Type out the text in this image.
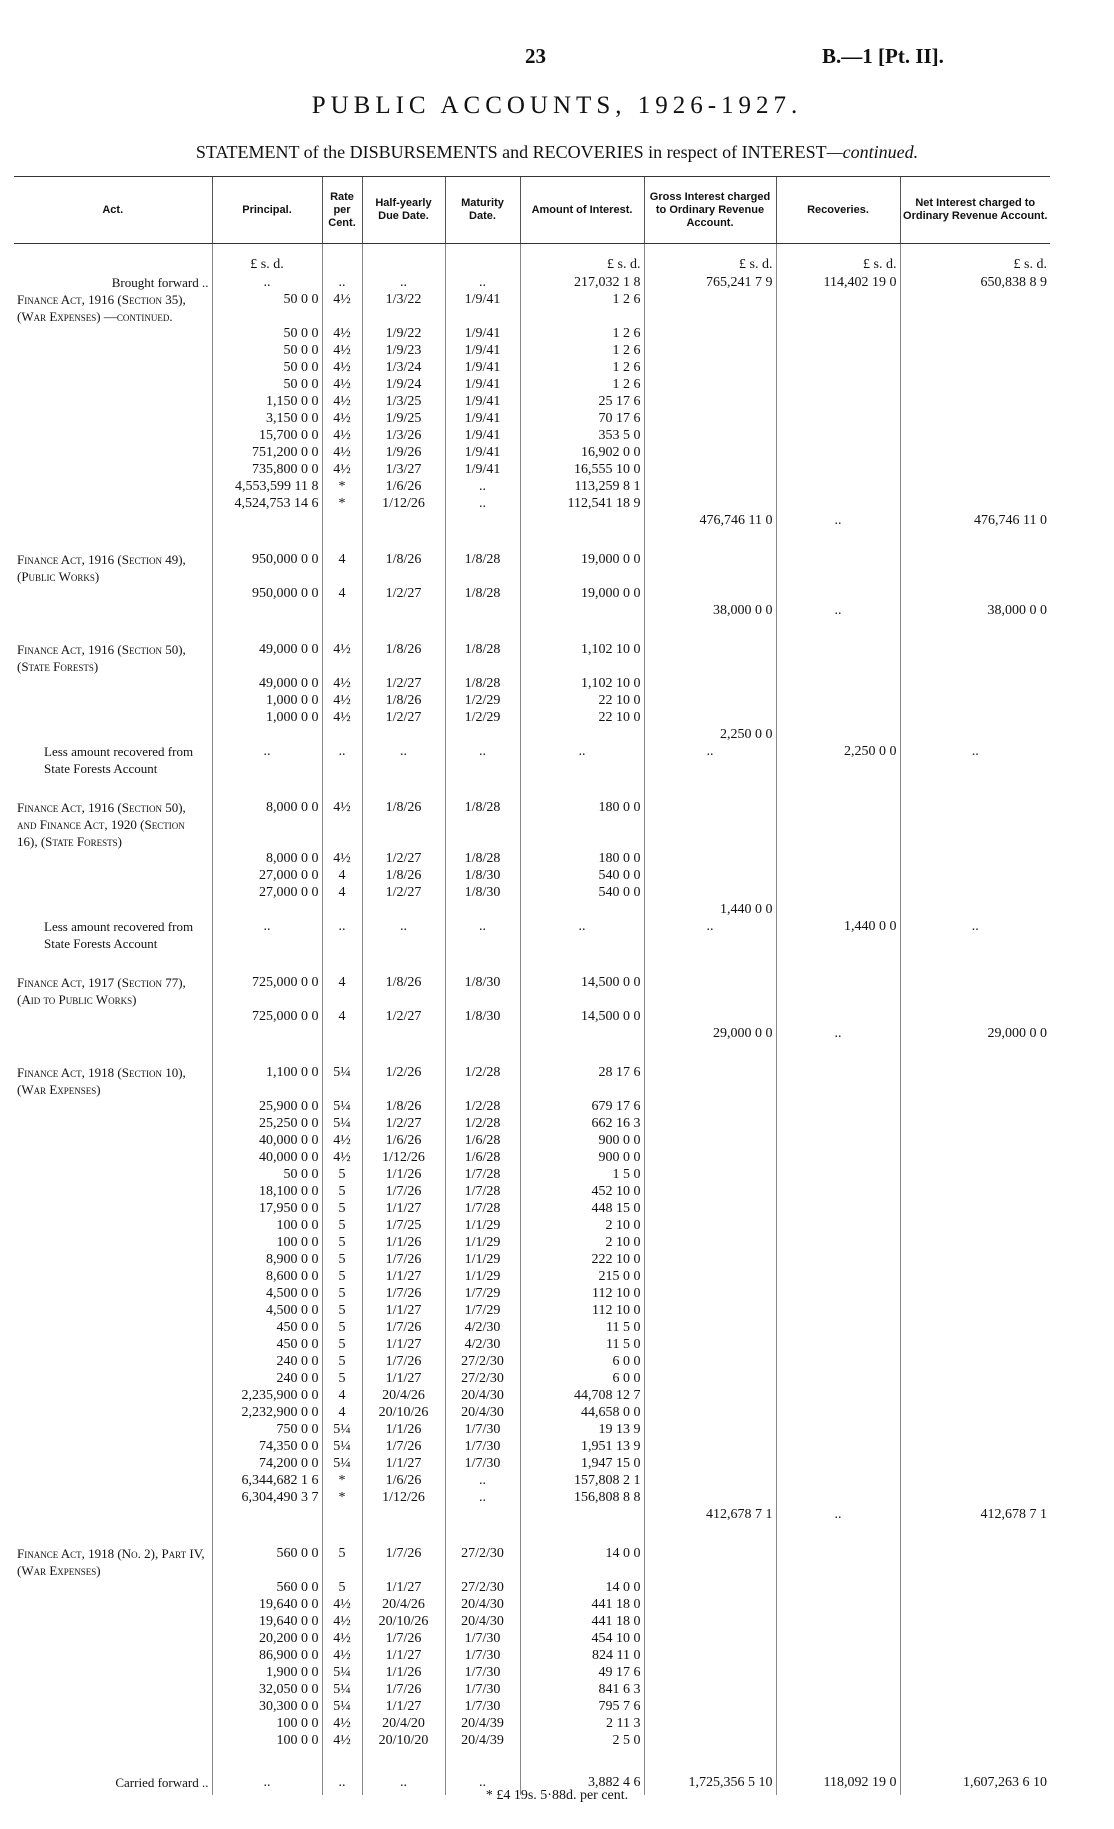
23	B.—1 [Pt. II].
PUBLIC ACCOUNTS, 1926-1927.
STATEMENT of the DISBURSEMENTS and RECOVERIES in respect of INTEREST—continued.
Act.	Principal.	Rate per Cent.	Half-yearly Due Date.	Maturity Date.	Amount of Interest.	Gross Interest charged to Ordinary Revenue Account.	Recoveries.	Net Interest charged to Ordinary Revenue Account.
	£ s. d.				£ s. d.	£ s. d.	£ s. d.	£ s. d.
Brought forward ..	..	..	..	..	217,032 1 8	765,241 7 9	114,402 19 0	650,838 8 9
Finance Act, 1916 (Section 35), (War Expenses) —continued.	50 0 0	4½	1/3/22	1/9/41	1 2 6			
	50 0 0	4½	1/9/22	1/9/41	1 2 6			
	50 0 0	4½	1/9/23	1/9/41	1 2 6			
	50 0 0	4½	1/3/24	1/9/41	1 2 6			
	50 0 0	4½	1/9/24	1/9/41	1 2 6			
	1,150 0 0	4½	1/3/25	1/9/41	25 17 6			
	3,150 0 0	4½	1/9/25	1/9/41	70 17 6			
	15,700 0 0	4½	1/3/26	1/9/41	353 5 0			
	751,200 0 0	4½	1/9/26	1/9/41	16,902 0 0			
	735,800 0 0	4½	1/3/27	1/9/41	16,555 10 0			
	4,553,599 11 8	*	1/6/26	..	113,259 8 1			
	4,524,753 14 6	*	1/12/26	..	112,541 18 9			
						476,746 11 0	..	476,746 11 0

Finance Act, 1916 (Section 49), (Public Works)	950,000 0 0	4	1/8/26	1/8/28	19,000 0 0			
	950,000 0 0	4	1/2/27	1/8/28	19,000 0 0			
						38,000 0 0	..	38,000 0 0

Finance Act, 1916 (Section 50), (State Forests)	49,000 0 0	4½	1/8/26	1/8/28	1,102 10 0			
	49,000 0 0	4½	1/2/27	1/8/28	1,102 10 0			
	1,000 0 0	4½	1/8/26	1/2/29	22 10 0			
	1,000 0 0	4½	1/2/27	1/2/29	22 10 0			
						2,250 0 0		
Less amount recovered from State Forests Account	..	..	..	..	..	..	2,250 0 0	..

Finance Act, 1916 (Section 50), and Finance Act, 1920 (Section 16), (State Forests)	8,000 0 0	4½	1/8/26	1/8/28	180 0 0			
	8,000 0 0	4½	1/2/27	1/8/28	180 0 0			
	27,000 0 0	4	1/8/26	1/8/30	540 0 0			
	27,000 0 0	4	1/2/27	1/8/30	540 0 0			
						1,440 0 0		
Less amount recovered from State Forests Account	..	..	..	..	..	..	1,440 0 0	..

Finance Act, 1917 (Section 77), (Aid to Public Works)	725,000 0 0	4	1/8/26	1/8/30	14,500 0 0			
	725,000 0 0	4	1/2/27	1/8/30	14,500 0 0			
						29,000 0 0	..	29,000 0 0

Finance Act, 1918 (Section 10),(War Expenses)	1,100 0 0	5¼	1/2/26	1/2/28	28 17 6			
	25,900 0 0	5¼	1/8/26	1/2/28	679 17 6			
	25,250 0 0	5¼	1/2/27	1/2/28	662 16 3			
	40,000 0 0	4½	1/6/26	1/6/28	900 0 0			
	40,000 0 0	4½	1/12/26	1/6/28	900 0 0			
	50 0 0	5	1/1/26	1/7/28	1 5 0			
	18,100 0 0	5	1/7/26	1/7/28	452 10 0			
	17,950 0 0	5	1/1/27	1/7/28	448 15 0			
	100 0 0	5	1/7/25	1/1/29	2 10 0			
	100 0 0	5	1/1/26	1/1/29	2 10 0			
	8,900 0 0	5	1/7/26	1/1/29	222 10 0			
	8,600 0 0	5	1/1/27	1/1/29	215 0 0			
	4,500 0 0	5	1/7/26	1/7/29	112 10 0			
	4,500 0 0	5	1/1/27	1/7/29	112 10 0			
	450 0 0	5	1/7/26	4/2/30	11 5 0			
	450 0 0	5	1/1/27	4/2/30	11 5 0			
	240 0 0	5	1/7/26	27/2/30	6 0 0			
	240 0 0	5	1/1/27	27/2/30	6 0 0			
	2,235,900 0 0	4	20/4/26	20/4/30	44,708 12 7			
	2,232,900 0 0	4	20/10/26	20/4/30	44,658 0 0			
	750 0 0	5¼	1/1/26	1/7/30	19 13 9			
	74,350 0 0	5¼	1/7/26	1/7/30	1,951 13 9			
	74,200 0 0	5¼	1/1/27	1/7/30	1,947 15 0			
	6,344,682 1 6	*	1/6/26	..	157,808 2 1			
	6,304,490 3 7	*	1/12/26	..	156,808 8 8			
						412,678 7 1	..	412,678 7 1

Finance Act, 1918 (No. 2), Part IV, (War Expenses)	560 0 0	5	1/7/26	27/2/30	14 0 0			
	560 0 0	5	1/1/27	27/2/30	14 0 0			
	19,640 0 0	4½	20/4/26	20/4/30	441 18 0			
	19,640 0 0	4½	20/10/26	20/4/30	441 18 0			
	20,200 0 0	4½	1/7/26	1/7/30	454 10 0			
	86,900 0 0	4½	1/1/27	1/7/30	824 11 0			
	1,900 0 0	5¼	1/1/26	1/7/30	49 17 6			
	32,050 0 0	5¼	1/7/26	1/7/30	841 6 3			
	30,300 0 0	5¼	1/1/27	1/7/30	795 7 6			
	100 0 0	4½	20/4/20	20/4/39	2 11 3			
	100 0 0	4½	20/10/20	20/4/39	2 5 0			

Carried forward ..	..	..	..	..	3,882 4 6	1,725,356 5 10	118,092 19 0	1,607,263 6 10
* £4 19s. 5·88d. per cent.
